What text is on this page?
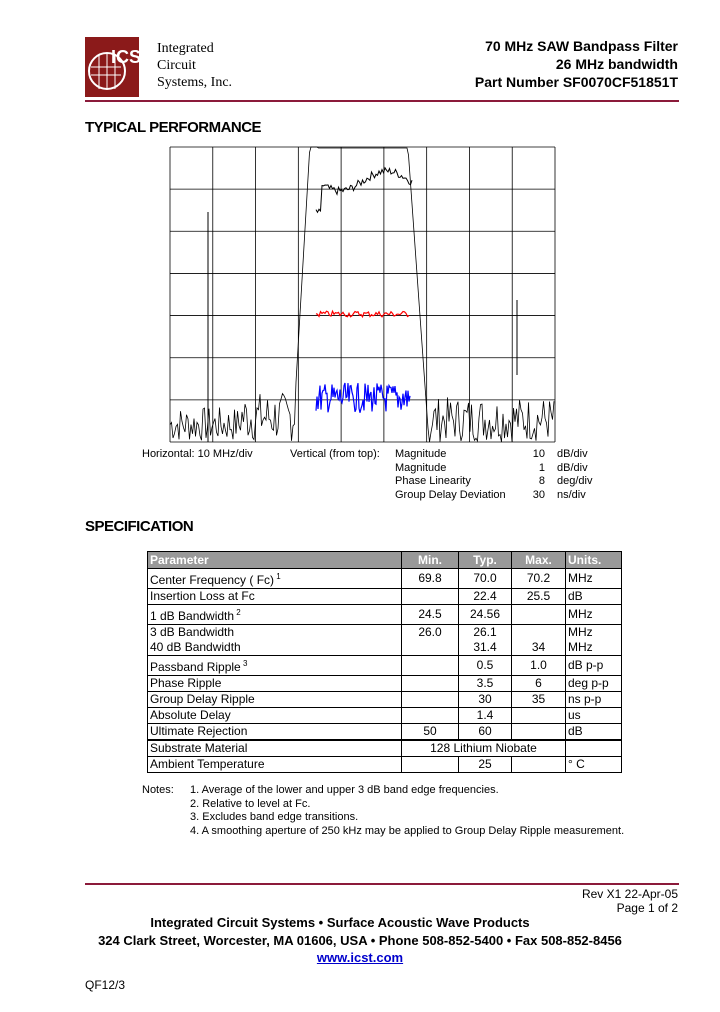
ICS Integrated
Circuit
Systems, Inc.
70 MHz SAW Bandpass Filter
26 MHz bandwidth
Part Number SF0070CF51851T
TYPICAL PERFORMANCE
Horizontal: 10 MHz/div	Vertical (from top): Magnitude	10 dB/div
Magnitude	1 dB/div
Phase Linearity	8 deg/div
Group Delay Deviation 30 ns/div
SPECIFICATION
Parameter	Min.	Typ.	Max.	Units.
Center Frequency ( Fc) $^1$	69.8	70.0	70.2	MHz
Insertion Loss at Fc		22.4	25.5	dB
1 dB Bandwidth $^2$	24.5	24.56		MHz
3 dB Bandwidth	26.0	26.1		MHz
40 dB Bandwidth		31.4	34	MHz
Passband Ripple $^3$		0.5	1.0	dB p-p
Phase Ripple		3.5	6	deg p-p
Group Delay Ripple		30	35	ns p-p
Absolute Delay		1.4		us
Ultimate Rejection	50	60		dB
Substrate Material	128 Lithium Niobate			
Ambient Temperature		25		° C
Notes: 1. Average of the lower and upper 3 dB band edge frequencies.
2. Relative to level at Fc.
3. Excludes band edge transitions.
4. A smoothing aperture of 250 kHz may be applied to Group Delay Ripple measurement.
Rev X1 22-Apr-05
Page 1 of 2
Integrated Circuit Systems • Surface Acoustic Wave Products
324 Clark Street, Worcester, MA 01606, USA • Phone 508-852-5400 • Fax 508-852-8456
www.icst.com
QF12/3
